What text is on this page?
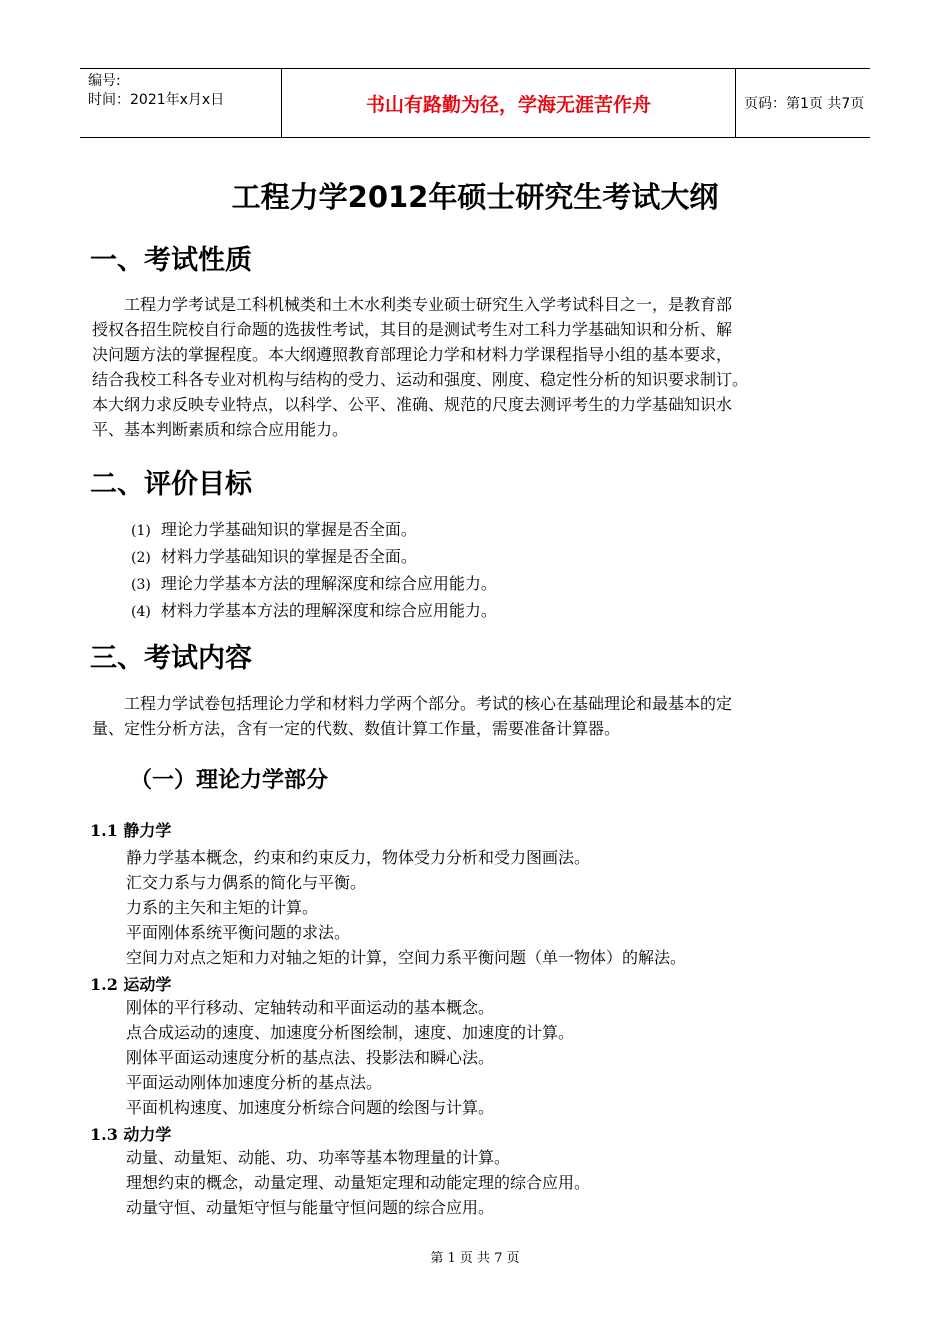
编号:
时间：2021年x月x日	书山有路勤为径，学海无涯苦作舟	页码：第1页 共7页
工程力学2012年硕士研究生考试大纲
一、考试性质
工程力学考试是工科机械类和土木水利类专业硕士研究生入学考试科目之一，是教育部
授权各招生院校自行命题的选拔性考试，其目的是测试考生对工科力学基础知识和分析、解
决问题方法的掌握程度。本大纲遵照教育部理论力学和材料力学课程指导小组的基本要求，
结合我校工科各专业对机构与结构的受力、运动和强度、刚度、稳定性分析的知识要求制订。
本大纲力求反映专业特点，以科学、公平、准确、规范的尺度去测评考生的力学基础知识水
平、基本判断素质和综合应用能力。
二、评价目标
(1) 理论力学基础知识的掌握是否全面。
(2) 材料力学基础知识的掌握是否全面。
(3) 理论力学基本方法的理解深度和综合应用能力。
(4) 材料力学基本方法的理解深度和综合应用能力。
三、考试内容
工程力学试卷包括理论力学和材料力学两个部分。考试的核心在基础理论和最基本的定
量、定性分析方法，含有一定的代数、数值计算工作量，需要准备计算器。
（一）理论力学部分
1.1 静力学
静力学基本概念，约束和约束反力，物体受力分析和受力图画法。
汇交力系与力偶系的简化与平衡。
力系的主矢和主矩的计算。
平面刚体系统平衡问题的求法。
空间力对点之矩和力对轴之矩的计算，空间力系平衡问题（单一物体）的解法。
1.2 运动学
刚体的平行移动、定轴转动和平面运动的基本概念。
点合成运动的速度、加速度分析图绘制，速度、加速度的计算。
刚体平面运动速度分析的基点法、投影法和瞬心法。
平面运动刚体加速度分析的基点法。
平面机构速度、加速度分析综合问题的绘图与计算。
1.3 动力学
动量、动量矩、动能、功、功率等基本物理量的计算。
理想约束的概念，动量定理、动量矩定理和动能定理的综合应用。
动量守恒、动量矩守恒与能量守恒问题的综合应用。
第 1 页 共 7 页
